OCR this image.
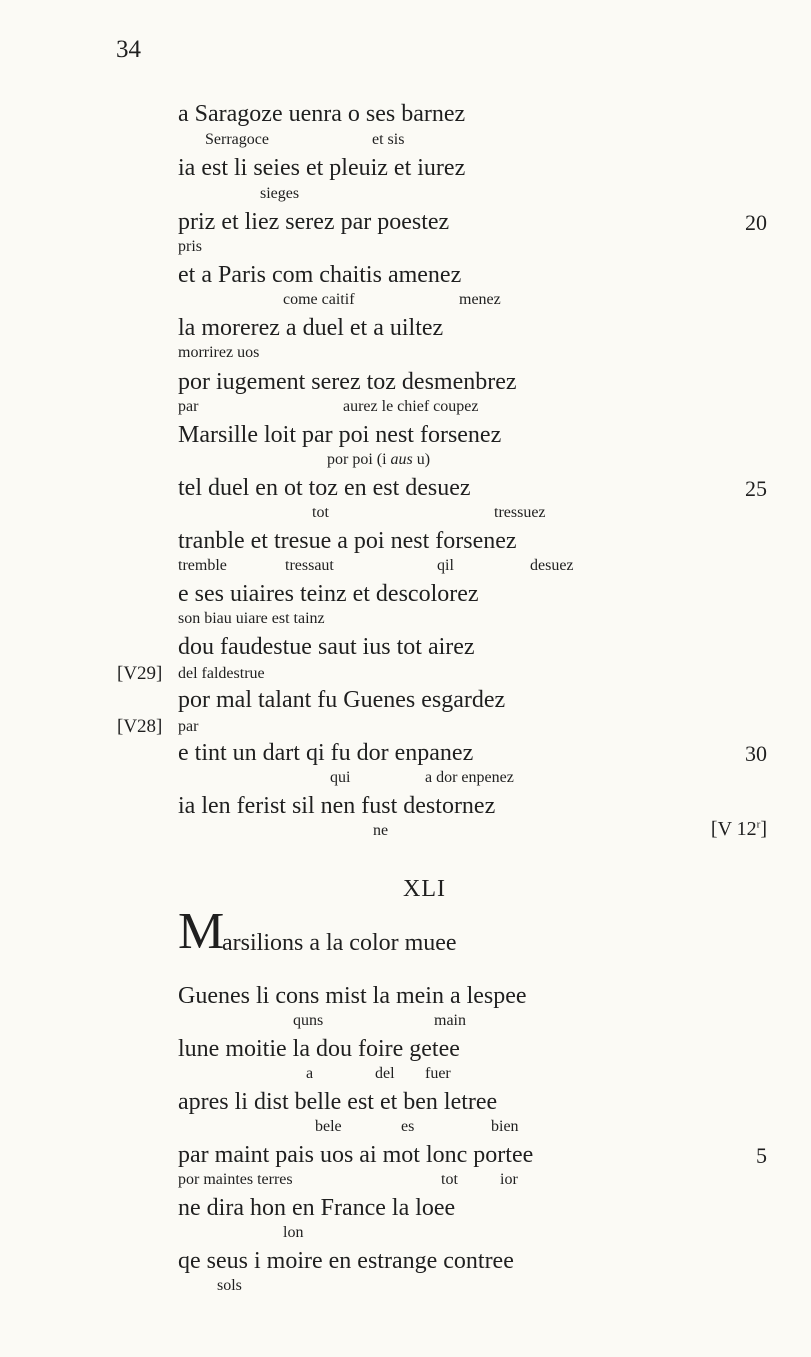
34
a Saragoze uenra o ses barnez
Serragoce	et sis
ia est li seies et pleuiz et iurez
sieges
priz et liez serez par poestez
pris
20
et a Paris com chaitis amenez
come caitif	menez
la morerez a duel et a uiltez
morrirez uos
por iugement serez toz desmenbrez
par	aurez le chief coupez
Marsille loit par poi nest forsenez
por poi (i aus u)
tel duel en ot toz en est desuez
tot	tressuez
25
tranble et tresue a poi nest forsenez
tremble	tressaut	qil	desuez
e ses uiaires teinz et descolorez
son biau uiare est tainz
dou faudestue saut ius tot airez
[V29] del faldestrue
por mal talant fu Guenes esgardez
[V28] par
e tint un dart qi fu dor enpanez
qui	a dor enpenez
30
ia len ferist sil nen fust destornez
ne	[V 12$^r$]
XLI
M
arsilions a la color muee
Guenes li cons mist la mein a lespee
quns	main
lune moitie la dou foire getee
a	del fuer
apres li dist belle est et ben letree
bele	es	bien
par maint pais uos ai mot lonc portee
por maintes terres	tot	ior
5
ne dira hon en France la loee
lon
qe seus i moire en estrange contree
sols
